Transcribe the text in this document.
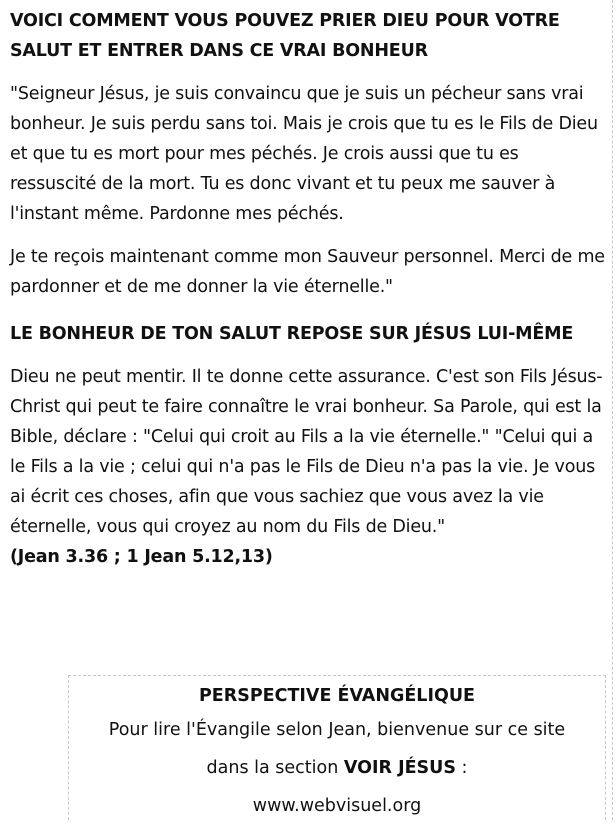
VOICI COMMENT VOUS POUVEZ PRIER DIEU POUR VOTRE SALUT ET ENTRER DANS CE VRAI BONHEUR

"Seigneur Jésus, je suis convaincu que je suis un pécheur sans vrai bonheur. Je suis perdu sans toi. Mais je crois que tu es le Fils de Dieu et que tu es mort pour mes péchés. Je crois aussi que tu es ressuscité de la mort. Tu es donc vivant et tu peux me sauver à l'instant même. Pardonne mes péchés.

Je te reçois maintenant comme mon Sauveur personnel. Merci de me pardonner et de me donner la vie éternelle."

LE BONHEUR DE TON SALUT REPOSE SUR JÉSUS LUI-MÊME

Dieu ne peut mentir. Il te donne cette assurance. C'est son Fils Jésus-Christ qui peut te faire connaître le vrai bonheur. Sa Parole, qui est la Bible, déclare : "Celui qui croit au Fils a la vie éternelle." "Celui qui a le Fils a la vie ; celui qui n'a pas le Fils de Dieu n'a pas la vie. Je vous ai écrit ces choses, afin que vous sachiez que vous avez la vie éternelle, vous qui croyez au nom du Fils de Dieu."

(Jean 3.36 ; 1 Jean 5.12,13)

PERSPECTIVE ÉVANGÉLIQUE
Pour lire l'Évangile selon Jean, bienvenue sur ce site
dans la section VOIR JÉSUS :
www.webvisuel.org
